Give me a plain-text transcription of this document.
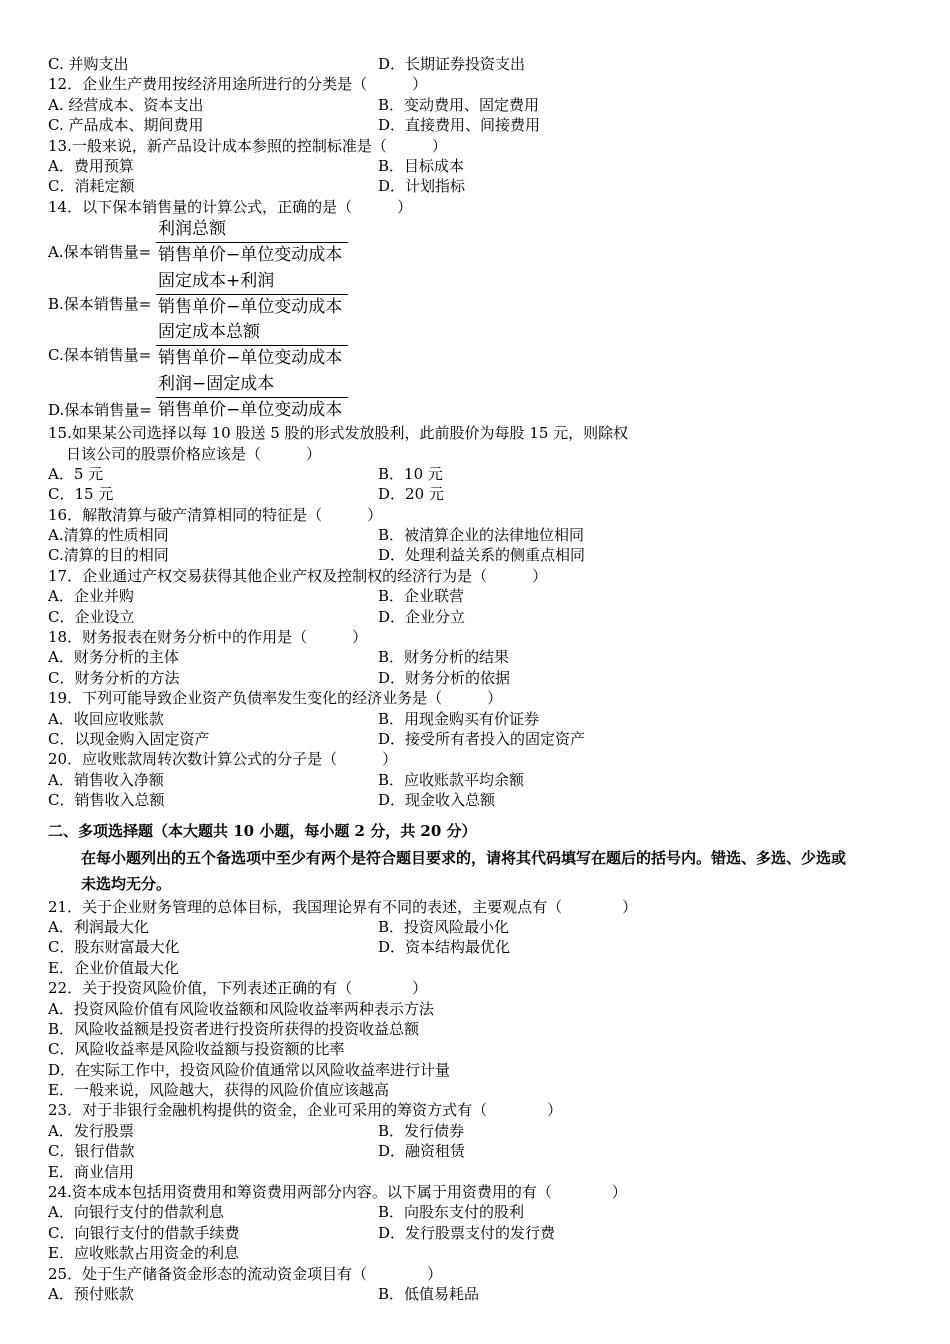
C. 并购支出	D．长期证券投资支出
12．企业生产费用按经济用途所进行的分类是（　　　）
A. 经营成本、资本支出	B．变动费用、固定费用
C. 产品成本、期间费用	D．直接费用、间接费用
13.一般来说，新产品设计成本参照的控制标准是（　　　）
A．费用预算	B．目标成本
C．消耗定额	D．计划指标
14．以下保本销售量的计算公式，正确的是（　　　）
A.保本销售量=
利润总额
销售单价−单位变动成本
B.保本销售量=
固定成本+利润
销售单价−单位变动成本
C.保本销售量=
固定成本总额
销售单价−单位变动成本
D.保本销售量=
利润−固定成本
销售单价−单位变动成本
15.如果某公司选择以每 10 股送 5 股的形式发放股利，此前股价为每股 15 元，则除权
日该公司的股票价格应该是（　　　）
A．5 元	B．10 元
C．15 元	D．20 元
16．解散清算与破产清算相同的特征是（　　　）
A.清算的性质相同	B．被清算企业的法律地位相同
C.清算的目的相同	D．处理利益关系的侧重点相同
17．企业通过产权交易获得其他企业产权及控制权的经济行为是（　　　）
A．企业并购	B．企业联营
C．企业设立	D．企业分立
18．财务报表在财务分析中的作用是（　　　）
A．财务分析的主体	B．财务分析的结果
C．财务分析的方法	D．财务分析的依据
19．下列可能导致企业资产负债率发生变化的经济业务是（　　　）
A．收回应收账款	B．用现金购买有价证券
C．以现金购入固定资产	D．接受所有者投入的固定资产
20．应收账款周转次数计算公式的分子是（　　　）
A．销售收入净额	B．应收账款平均余额
C．销售收入总额	D．现金收入总额
二、多项选择题（本大题共 10 小题，每小题 2 分，共 20 分）
在每小题列出的五个备选项中至少有两个是符合题目要求的，请将其代码填写在题后的括号内。错选、多选、少选或
未选均无分。
21．关于企业财务管理的总体目标，我国理论界有不同的表述，主要观点有（　　　　）
A．利润最大化	B．投资风险最小化
C．股东财富最大化	D．资本结构最优化
E．企业价值最大化
22．关于投资风险价值，下列表述正确的有（　　　　）
A．投资风险价值有风险收益额和风险收益率两种表示方法
B．风险收益额是投资者进行投资所获得的投资收益总额
C．风险收益率是风险收益额与投资额的比率
D．在实际工作中，投资风险价值通常以风险收益率进行计量
E．一般来说，风险越大，获得的风险价值应该越高
23．对于非银行金融机构提供的资金，企业可采用的筹资方式有（　　　　）
A．发行股票	B．发行债券
C．银行借款	D．融资租赁
E．商业信用
24.资本成本包括用资费用和筹资费用两部分内容。以下属于用资费用的有（　　　　）
A．向银行支付的借款利息	B．向股东支付的股利
C．向银行支付的借款手续费	D．发行股票支付的发行费
E．应收账款占用资金的利息
25．处于生产储备资金形态的流动资金项目有（　　　　）
A．预付账款	B．低值易耗品
